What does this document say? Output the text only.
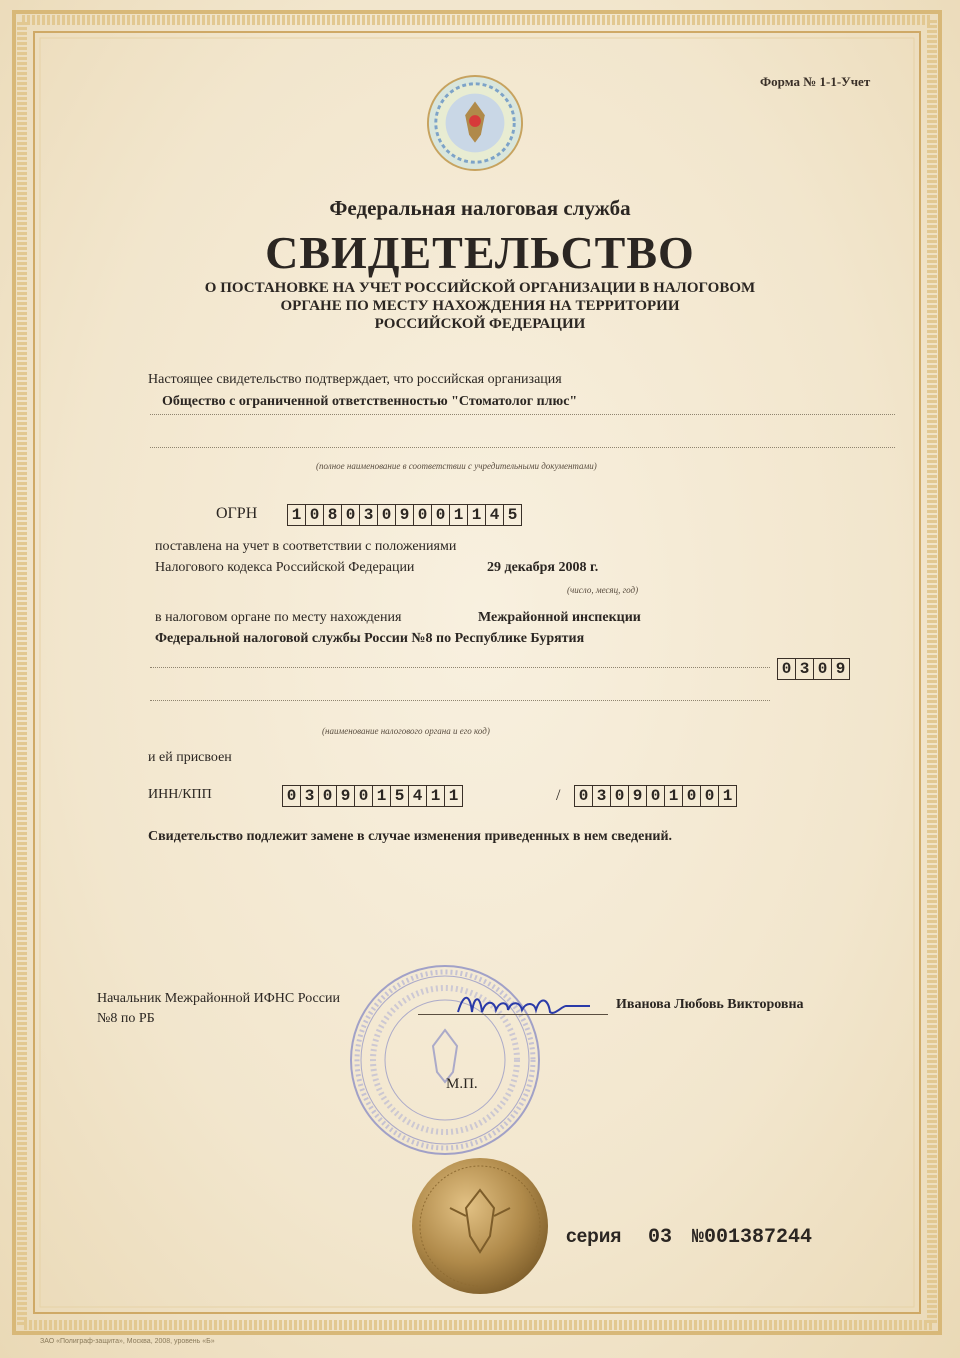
Форма № 1-1-Учет
Федеральная налоговая служба
СВИДЕТЕЛЬСТВО
О ПОСТАНОВКЕ НА УЧЕТ РОССИЙСКОЙ ОРГАНИЗАЦИИ В НАЛОГОВОМ
ОРГАНЕ ПО МЕСТУ НАХОЖДЕНИЯ НА ТЕРРИТОРИИ
РОССИЙСКОЙ ФЕДЕРАЦИИ
Настоящее свидетельство подтверждает, что российская организация
Общество с ограниченной ответственностью "Стоматолог плюс"
(полное наименование в соответствии с учредительными документами)
ОГРН 1 0 8 0 3 0 9 0 0 1 1 4 5
поставлена на учет в соответствии с положениями
Налогового кодекса Российской Федерации	29 декабря 2008 г.
(число, месяц, год)
в налоговом органе по месту нахождения	Межрайонной инспекции
Федеральной налоговой службы России №8 по Республике Бурятия
0 3 0 9
(наименование налогового органа и его код)
и ей присвоен
ИНН/КПП	0 3 0 9 0 1 5 4 1 1	/ 0 3 0 9 0 1 0 0 1
Свидетельство подлежит замене в случае изменения приведенных в нем сведений.
Начальник Межрайонной ИФНС России
№8 по РБ
Иванова Любовь Викторовна
М.П.
серия 03 №001387244
ЗАО «Полиграф-защита», Москва, 2008, уровень «Б»
